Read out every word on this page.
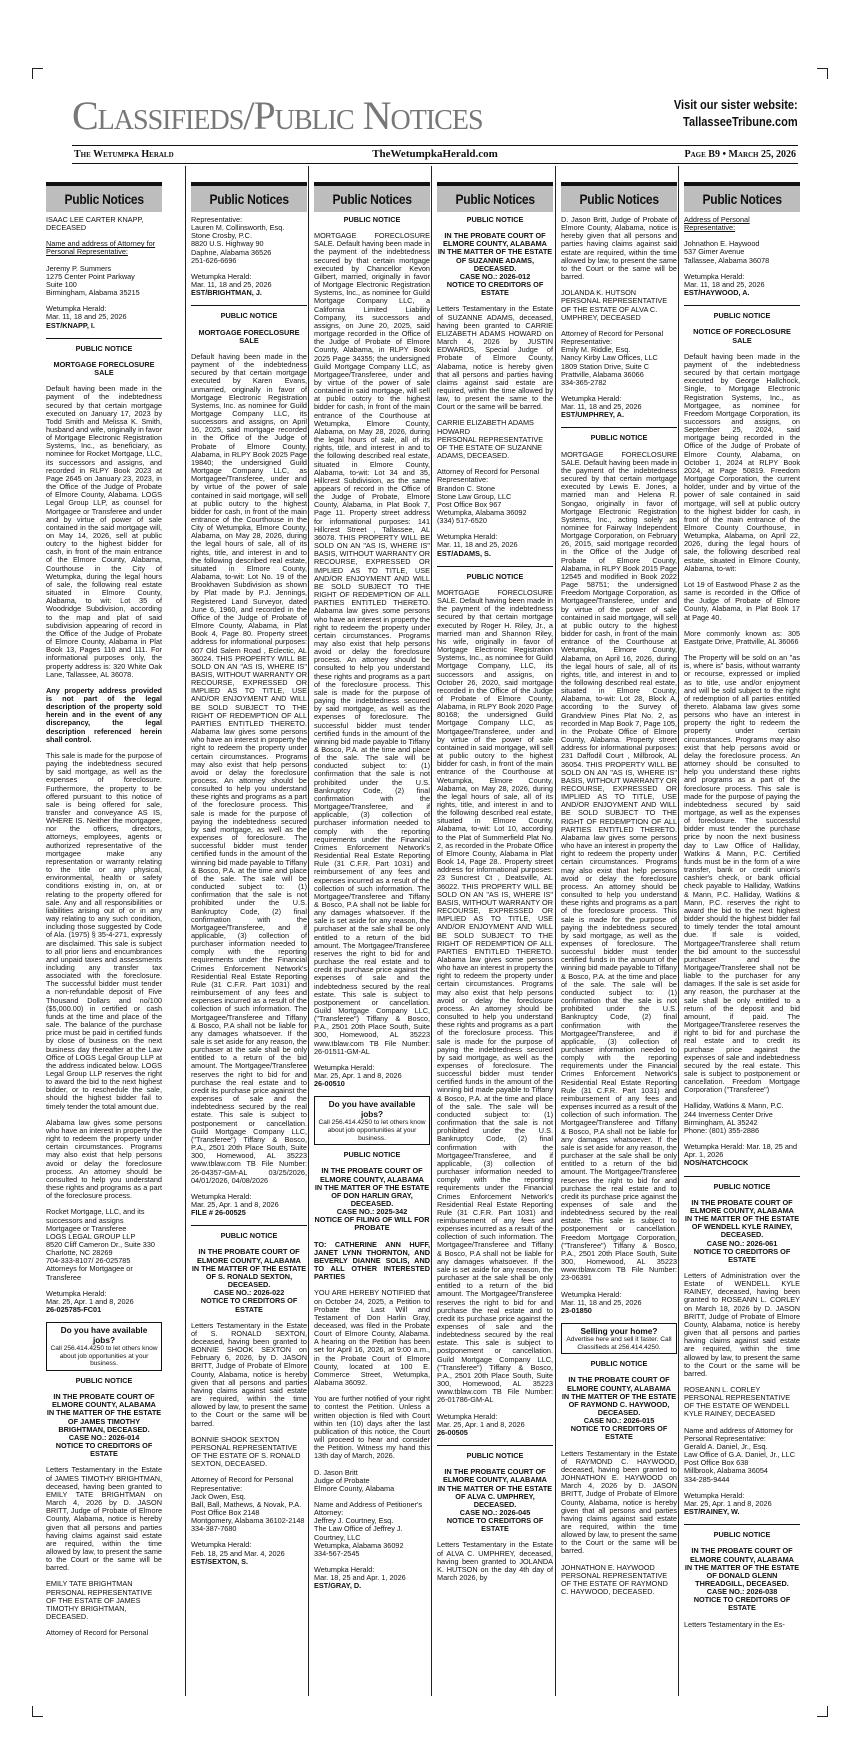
Classifieds/Public Notices	Visit our sister website:
TallasseeTribune.com
TheWetumpkaHerald.com
The Wetumpka Herald	Page B9 • March 25, 2026
Public Notices

ISAAC LEE CARTER KNAPP,
DECEASED

Name and address of Attorney for Personal Representative:

Jeremy P. Summers
1275 Center Point Parkway
Suite 100
Birmingham, Alabama 35215

Wetumpka Herald:
Mar. 11, 18 and 25, 2026

EST/KNAPP, I.

PUBLIC NOTICE

MORTGAGE FORECLOSURE SALE

Default having been made in the payment of the indebtedness secured by that certain mortgage executed on January 17, 2023 by Todd Smith and Melissa K. Smith, husband and wife, originally in favor of Mortgage Electronic Registration Systems, Inc., as beneficiary, as nominee for Rocket Mortgage, LLC, its successors and assigns, and recorded in RLPY Book 2023 at Page 2645 on January 23, 2023, in the Office of the Judge of Probate of Elmore County, Alabama. LOGS Legal Group LLP, as counsel for Mortgagee or Transferee and under and by virtue of power of sale contained in the said mortgage will, on May 14, 2026, sell at public outcry to the highest bidder for cash, in front of the main entrance of the Elmore County, Alabama, Courthouse in the City of Wetumpka, during the legal hours of sale, the following real estate situated in Elmore County, Alabama, to wit: Lot 35 of Woodridge Subdivision, according to the map and plat of said subdivision appearing of record in the Office of the Judge of Probate of Elmore County, Alabama in Plat Book 13, Pages 110 and 111. For informational purposes only, the property address is: 320 White Oak Lane, Tallassee, AL 36078.

Any property address provided is not part of the legal description of the property sold herein and in the event of any discrepancy, the legal description referenced herein shall control.

This sale is made for the purpose of paying the indebtedness secured by said mortgage, as well as the expenses of foreclosure. Furthermore, the property to be offered pursuant to this notice of sale is being offered for sale, transfer and conveyance AS IS, WHERE IS. Neither the mortgagee, nor the officers, directors, attorneys, employees, agents or authorized representative of the mortgagee make any representation or warranty relating to the title or any physical, environmental, health or safety conditions existing in, on, at or relating to the property offered for sale. Any and all responsibilities or liabilities arising out of or in any way relating to any such condition, including those suggested by Code of Ala. (1975) § 35-4-271, expressly are disclaimed. This sale is subject to all prior liens and encumbrances and unpaid taxes and assessments including any transfer tax associated with the foreclosure. The successful bidder must tender a non-refundable deposit of Five Thousand Dollars and no/100 ($5,000.00) in certified or cash funds at the time and place of the sale. The balance of the purchase price must be paid in certified funds by close of business on the next business day thereafter at the Law Office of LOGS Legal Group LLP at the address indicated below. LOGS Legal Group LLP reserves the right to award the bid to the next highest bidder, or to reschedule the sale, should the highest bidder fail to timely tender the total amount due.

Alabama law gives some persons who have an interest in property the right to redeem the property under certain circumstances. Programs may also exist that help persons avoid or delay the foreclosure process. An attorney should be consulted to help you understand these rights and programs as a part of the foreclosure process.

Rocket Mortgage, LLC, and its successors and assigns
Mortgagee or Transferee
LOGS LEGAL GROUP LLP
8520 Cliff Cameron Dr., Suite 330
Charlotte, NC 28269
704-333-8107/ 26-025785
Attorneys for Mortgagee or Transferee

Wetumpka Herald:
Mar. 25, Apr. 1 and 8, 2026

26-025785-FC01

Do you have available jobs?
Call 256.414.4250 to let others know about job opportunities at your business.

PUBLIC NOTICE

IN THE PROBATE COURT OF ELMORE COUNTY, ALABAMA
IN THE MATTER OF THE ESTATE OF JAMES TIMOTHY BRIGHTMAN, DECEASED.
CASE NO.: 2026-014
NOTICE TO CREDITORS OF ESTATE

Letters Testamentary in the Estate of JAMES TIMOTHY BRIGHTMAN, deceased, having been granted to EMILY TATE BRIGHTMAN on March 4, 2026 by D. JASON BRITT, Judge of Probate of Elmore County, Alabama, notice is hereby given that all persons and parties having claims against said estate are required, within the time allowed by law, to present the same to the Court or the same will be barred.

EMILY TATE BRIGHTMAN
PERSONAL REPRESENTATIVE OF THE ESTATE OF JAMES TIMOTHY BRIGHTMAN, DECEASED.

Attorney of Record for Personal

Public Notices

Representative:
Lauren M. Collinsworth, Esq.
Stone Crosby, P.C.
8820 U.S. Highway 90
Daphne, Alabama 36526
251-626-6696

Wetumpka Herald:
Mar. 11, 18 and 25, 2026

EST/BRIGHTMAN, J.

PUBLIC NOTICE

MORTGAGE FORECLOSURE SALE

Default having been made in the payment of the indebtedness secured by that certain mortgage executed by Karen Evans, unmarried, originally in favor of Mortgage Electronic Registration Systems, Inc. as nominee for Guild Mortgage Company LLC, its successors and assigns, on April 16, 2025, said mortgage recorded in the Office of the Judge of Probate of Elmore County, Alabama, in RLPY Book 2025 Page 19840; the undersigned Guild Mortgage Company LLC, as Mortgagee/Transferee, under and by virtue of the power of sale contained in said mortgage, will sell at public outcry to the highest bidder for cash, in front of the main entrance of the Courthouse in the City of Wetumpka, Elmore County, Alabama, on May 28, 2026, during the legal hours of sale, all of its rights, title, and interest in and to the following described real estate, situated in Elmore County, Alabama, to-wit: Lot No. 19 of the Brookhaven Subdivision as shown by Plat made by P.J. Jennings, Registered Land Surveyor, dated June 6, 1960, and recorded in the Office of the Judge of Probate of Elmore County, Alabama, in Plat Book 4, Page 80. Property street address for informational purposes: 607 Old Salem Road , Eclectic, AL 36024. THIS PROPERTY WILL BE SOLD ON AN "AS IS, WHERE IS" BASIS, WITHOUT WARRANTY OR RECOURSE, EXPRESSED OR IMPLIED AS TO TITLE, USE AND/OR ENJOYMENT AND WILL BE SOLD SUBJECT TO THE RIGHT OF REDEMPTION OF ALL PARTIES ENTITLED THERETO. Alabama law gives some persons who have an interest in property the right to redeem the property under certain circumstances. Programs may also exist that help persons avoid or delay the foreclosure process. An attorney should be consulted to help you understand these rights and programs as a part of the foreclosure process. This sale is made for the purpose of paying the indebtedness secured by said mortgage, as well as the expenses of foreclosure. The successful bidder must tender certified funds in the amount of the winning bid made payable to Tiffany & Bosco, P.A. at the time and place of the sale. The sale will be conducted subject to: (1) confirmation that the sale is not prohibited under the U.S. Bankruptcy Code, (2) final confirmation with the Mortgagee/Transferee, and if applicable, (3) collection of purchaser information needed to comply with the reporting requirements under the Financial Crimes Enforcement Network's Residential Real Estate Reporting Rule (31 C.F.R. Part 1031) and reimbursement of any fees and expenses incurred as a result of the collection of such information. The Mortgagee/Transferee and Tiffany & Bosco, P.A shall not be liable for any damages whatsoever. If the sale is set aside for any reason, the purchaser at the sale shall be only entitled to a return of the bid amount. The Mortgagee/Transferee reserves the right to bid for and purchase the real estate and to credit its purchase price against the expenses of sale and the indebtedness secured by the real estate. This sale is subject to postponement or cancellation. Guild Mortgage Company LLC, ("Transferee") Tiffany & Bosco, P.A., 2501 20th Place South, Suite 300, Homewood, AL 35223 www.tblaw.com TB File Number: 26-04357-GM-AL 03/25/2026, 04/01/2026, 04/08/2026

Wetumpka Herald:
Mar. 25, Apr. 1 and 8, 2026

FILE # 26-00525

PUBLIC NOTICE

IN THE PROBATE COURT OF ELMORE COUNTY, ALABAMA
IN THE MATTER OF THE ESTATE OF S. RONALD SEXTON, DECEASED.
CASE NO.: 2026-022
NOTICE TO CREDITORS OF ESTATE

Letters Testamentary in the Estate of S. RONALD SEXTON, deceased, having been granted to BONNIE SHOOK SEXTON on February 6, 2026, by D. JASON BRITT, Judge of Probate of Elmore County, Alabama, notice is hereby given that all persons and parties having claims against said estate are required, within the time allowed by law, to present the same to the Court or the same will be barred.

BONNIE SHOOK SEXTON
PERSONAL REPRESENTATIVE OF THE ESTATE OF S. RONALD SEXTON, DECEASED.

Attorney of Record for Personal Representative:
Jack Owen, Esq.
Ball, Ball, Mathews, & Novak, P.A.
Post Office Box 2148
Montgomery, Alabama 36102-2148
334-387-7680

Wetumpka Herald:
Feb. 18, 25 and Mar. 4, 2026

EST/SEXTON, S.

Public Notices

PUBLIC NOTICE

MORTGAGE FORECLOSURE SALE. Default having been made in the payment of the indebtedness secured by that certain mortgage executed by Chancellor Kevon Gilbert, married, originally in favor of Mortgage Electronic Registration Systems, Inc., as nominee for Guild Mortgage Company LLC, a California Limited Liability Company, its successors and assigns, on June 20, 2025, said mortgage recorded in the Office of the Judge of Probate of Elmore County, Alabama, in RLPY Book 2025 Page 34355; the undersigned Guild Mortgage Company LLC, as Mortgagee/Transferee, under and by virtue of the power of sale contained in said mortgage, will sell at public outcry to the highest bidder for cash, in front of the main entrance of the Courthouse at Wetumpka, Elmore County, Alabama, on May 28, 2026, during the legal hours of sale, all of its rights, title, and interest in and to the following described real estate, situated in Elmore County, Alabama, to-wit: Lot 34 and 35, Hillcrest Subdivision, as the same appears of record in the Office of the Judge of Probate, Elmore County, Alabama, in Plat Book 7, Page 11. Property street address for informational purposes: 141 Hillcrest Street , Tallassee, AL 36078. THIS PROPERTY WILL BE SOLD ON AN "AS IS, WHERE IS" BASIS, WITHOUT WARRANTY OR RECOURSE, EXPRESSED OR IMPLIED AS TO TITLE, USE AND/OR ENJOYMENT AND WILL BE SOLD SUBJECT TO THE RIGHT OF REDEMPTION OF ALL PARTIES ENTITLED THERETO. Alabama law gives some persons who have an interest in property the right to redeem the property under certain circumstances. Programs may also exist that help persons avoid or delay the foreclosure process. An attorney should be consulted to help you understand these rights and programs as a part of the foreclosure process. This sale is made for the purpose of paying the indebtedness secured by said mortgage, as well as the expenses of foreclosure. The successful bidder must tender certified funds in the amount of the winning bid made payable to Tiffany & Bosco, P.A. at the time and place of the sale. The sale will be conducted subject to: (1) confirmation that the sale is not prohibited under the U.S. Bankruptcy Code, (2) final confirmation with the Mortgagee/Transferee, and if applicable, (3) collection of purchaser information needed to comply with the reporting requirements under the Financial Crimes Enforcement Network's Residential Real Estate Reporting Rule (31 C.F.R. Part 1031) and reimbursement of any fees and expenses incurred as a result of the collection of such information. The Mortgagee/Transferee and Tiffany & Bosco, P.A shall not be liable for any damages whatsoever. If the sale is set aside for any reason, the purchaser at the sale shall be only entitled to a return of the bid amount. The Mortgagee/Transferee reserves the right to bid for and purchase the real estate and to credit its purchase price against the expenses of sale and the indebtedness secured by the real estate. This sale is subject to postponement or cancellation. Guild Mortgage Company LLC, ("Transferee") Tiffany & Bosco, P.A., 2501 20th Place South, Suite 300, Homewood, AL 35223 www.tblaw.com TB File Number: 26-01511-GM-AL

Wetumpka Herald:
Mar. 25, Apr. 1 and 8, 2026

26-00510

Do you have available jobs?
Call 256.414.4250 to let others know about job opportunities at your business.

PUBLIC NOTICE

IN THE PROBATE COURT OF ELMORE COUNTY, ALABAMA
IN THE MATTER OF THE ESTATE OF DON HARLIN GRAY, DECEASED.
CASE NO.: 2025-342
NOTICE OF FILING OF WILL FOR PROBATE

TO: CATHERINE ANN HUFF, JANET LYNN THORNTON, AND BEVERLY DIANNE SOLIS, AND TO ALL OTHER INTERESTED PARTIES

YOU ARE HEREBY NOTIFIED that on October 24, 2025, a Petition to Probate the Last Will and Testament of Don Harlin Gray, deceased, was filed in the Probate Court of Elmore County, Alabama. A hearing on the Petition has been set for April 16, 2026, at 9:00 a.m., in the Probate Court of Elmore County, located at 100 E. Commerce Street, Wetumpka, Alabama 36092.

You are further notified of your right to contest the Petition. Unless a written objection is filed with Court within ten (10) days after the last publication of this notice, the Court will proceed to hear and consider the Petition. Witness my hand this 13th day of March, 2026.

D. Jason Britt
Judge of Probate
Elmore County, Alabama

Name and Address of Petitioner's Attorney:
Jeffrey J. Courtney, Esq.
The Law Office of Jeffrey J. Courtney, LLC
Wetumpka, Alabama 36092
334-567-2545

Wetumpka Herald:
Mar. 18, 25 and Apr. 1, 2026

EST/GRAY, D.

Public Notices

PUBLIC NOTICE

IN THE PROBATE COURT OF ELMORE COUNTY, ALABAMA
IN THE MATTER OF THE ESTATE OF SUZANNE ADAMS, DECEASED.
CASE NO.: 2026-012
NOTICE TO CREDITORS OF ESTATE

Letters Testamentary in the Estate of SUZANNE ADAMS, deceased, having been granted to CARRIE ELIZABETH ADAMS HOWARD on March 4, 2026 by JUSTIN EDWARDS, Special Judge of Probate of Elmore County, Alabama, notice is hereby given that all persons and parties having claims against said estate are required, within the time allowed by law, to present the same to the Court or the same will be barred.

CARRIE ELIZABETH ADAMS HOWARD
PERSONAL REPRESENTATIVE OF THE ESTATE OF SUZANNE ADAMS, DECEASED.

Attorney of Record for Personal Representative:
Brandon C. Stone
Stone Law Group, LLC
Post Office Box 967
Wetumpka, Alabama 36092
(334) 517-6520

Wetumpka Herald:
Mar. 11, 18 and 25, 2026

EST/ADAMS, S.

PUBLIC NOTICE

MORTGAGE FORECLOSURE SALE. Default having been made in the payment of the indebtedness secured by that certain mortgage executed by Roger H. Riley, Jr., a married man and Shannon Riley, his wife, originally in favor of Mortgage Electronic Registration Systems, Inc., as nominee for Guild Mortgage Company, LLC, its successors and assigns, on October 26, 2020, said mortgage recorded in the Office of the Judge of Probate of Elmore County, Alabama, in RLPY Book 2020 Page 80168; the undersigned Guild Mortgage Company LLC, as Mortgagee/Transferee, under and by virtue of the power of sale contained in said mortgage, will sell at public outcry to the highest bidder for cash, in front of the main entrance of the Courthouse at Wetumpka, Elmore County, Alabama, on May 28, 2026, during the legal hours of sale, all of its rights, title, and interest in and to the following described real estate, situated in Elmore County, Alabama, to-wit: Lot 10, according to the Plat of Summerfield Plat No. 2, as recorded in the Probate Office of Elmore County, Alabama in Plat Book 14, Page 28.. Property street address for informational purposes: 23 Suncrest Ct , Deatsville, AL 36022. THIS PROPERTY WILL BE SOLD ON AN "AS IS, WHERE IS" BASIS, WITHOUT WARRANTY OR RECOURSE, EXPRESSED OR IMPLIED AS TO TITLE, USE AND/OR ENJOYMENT AND WILL BE SOLD SUBJECT TO THE RIGHT OF REDEMPTION OF ALL PARTIES ENTITLED THERETO. Alabama law gives some persons who have an interest in property the right to redeem the property under certain circumstances. Programs may also exist that help persons avoid or delay the foreclosure process. An attorney should be consulted to help you understand these rights and programs as a part of the foreclosure process. This sale is made for the purpose of paying the indebtedness secured by said mortgage, as well as the expenses of foreclosure. The successful bidder must tender certified funds in the amount of the winning bid made payable to Tiffany & Bosco, P.A. at the time and place of the sale. The sale will be conducted subject to: (1) confirmation that the sale is not prohibited under the U.S. Bankruptcy Code, (2) final confirmation with the Mortgagee/Transferee, and if applicable, (3) collection of purchaser information needed to comply with the reporting requirements under the Financial Crimes Enforcement Network's Residential Real Estate Reporting Rule (31 C.F.R. Part 1031) and reimbursement of any fees and expenses incurred as a result of the collection of such information. The Mortgagee/Transferee and Tiffany & Bosco, P.A shall not be liable for any damages whatsoever. If the sale is set aside for any reason, the purchaser at the sale shall be only entitled to a return of the bid amount. The Mortgagee/Transferee reserves the right to bid for and purchase the real estate and to credit its purchase price against the expenses of sale and the indebtedness secured by the real estate. This sale is subject to postponement or cancellation. Guild Mortgage Company LLC, ("Transferee") Tiffany & Bosco, P.A., 2501 20th Place South, Suite 300, Homewood, AL 35223 www.tblaw.com TB File Number: 26-01786-GM-AL

Wetumpka Herald:
Mar. 25, Apr. 1 and 8, 2026

26-00505

PUBLIC NOTICE

IN THE PROBATE COURT OF ELMORE COUNTY, ALABAMA
IN THE MATTER OF THE ESTATE OF ALVA C. UMPHREY, DECEASED.
CASE NO.: 2026-045
NOTICE TO CREDITORS OF ESTATE

Letters Testamentary in the Estate of ALVA C. UMPHREY, deceased, having been granted to JOLANDA K. HUTSON on the day 4th day of March 2026, by

Public Notices

D. Jason Britt, Judge of Probate of Elmore County, Alabama, notice is hereby given that all persons and parties having claims against said estate are required, within the time allowed by law, to present the same to the Court or the same will be barred.

JOLANDA K. HUTSON
PERSONAL REPRESENTATIVE OF THE ESTATE OF ALVA C. UMPHREY, DECEASED

Attorney of Record for Personal Representative:
Emily M. Riddle, Esq.
Nancy Kirby Law Offices, LLC
1809 Station Drive, Suite C
Prattville, Alabama 36066
334-365-2782

Wetumpka Herald:
Mar. 11, 18 and 25, 2026

EST/UMPHREY, A.

PUBLIC NOTICE

MORTGAGE FORECLOSURE SALE. Default having been made in the payment of the indebtedness secured by that certain mortgage executed by Lewis E. Jones, a married man and Helena R. Songao, originally in favor of Mortgage Electronic Registration Systems, Inc., acting solely as nominee for Fairway Independent Mortgage Corporation, on February 26, 2015, said mortgage recorded in the Office of the Judge of Probate of Elmore County, Alabama, in RLPY Book 2015 Page 12545 and modified in Book 2022 Page 58751; the undersigned Freedom Mortgage Corporation, as Mortgagee/Transferee, under and by virtue of the power of sale contained in said mortgage, will sell at public outcry to the highest bidder for cash, in front of the main entrance of the Courthouse at Wetumpka, Elmore County, Alabama, on April 16, 2026, during the legal hours of sale, all of its rights, title, and interest in and to the following described real estate, situated in Elmore County, Alabama, to-wit: Lot 28, Block A, according to the Survey of Grandview Pines Plat No. 2, as recorded in Map Book 7, Page 105, in the Probate Office of Elmore County, Alabama. Property street address for informational purposes: 231 Daffodil Court , Millbrook, AL 36054. THIS PROPERTY WILL BE SOLD ON AN "AS IS, WHERE IS" BASIS, WITHOUT WARRANTY OR RECOURSE, EXPRESSED OR IMPLIED AS TO TITLE, USE AND/OR ENJOYMENT AND WILL BE SOLD SUBJECT TO THE RIGHT OF REDEMPTION OF ALL PARTIES ENTITLED THERETO. Alabama law gives some persons who have an interest in property the right to redeem the property under certain circumstances. Programs may also exist that help persons avoid or delay the foreclosure process. An attorney should be consulted to help you understand these rights and programs as a part of the foreclosure process. This sale is made for the purpose of paying the indebtedness secured by said mortgage, as well as the expenses of foreclosure. The successful bidder must tender certified funds in the amount of the winning bid made payable to Tiffany & Bosco, P.A. at the time and place of the sale. The sale will be conducted subject to: (1) confirmation that the sale is not prohibited under the U.S. Bankruptcy Code, (2) final confirmation with the Mortgagee/Transferee, and if applicable, (3) collection of purchaser information needed to comply with the reporting requirements under the Financial Crimes Enforcement Network's Residential Real Estate Reporting Rule (31 C.F.R. Part 1031) and reimbursement of any fees and expenses incurred as a result of the collection of such information. The Mortgagee/Transferee and Tiffany & Bosco, P.A shall not be liable for any damages whatsoever. If the sale is set aside for any reason, the purchaser at the sale shall be only entitled to a return of the bid amount. The Mortgagee/Transferee reserves the right to bid for and purchase the real estate and to credit its purchase price against the expenses of sale and the indebtedness secured by the real estate. This sale is subject to postponement or cancellation. Freedom Mortgage Corporation, ("Transferee") Tiffany & Bosco, P.A., 2501 20th Place South, Suite 300, Homewood, AL 35223 www.tblaw.com TB File Number: 23-06391

Wetumpka Herald:
Mar. 11, 18 and 25, 2026

23-01850

Selling your home?
Advertise here and sell it faster. Call Classifieds at 256.414.4250.

PUBLIC NOTICE

IN THE PROBATE COURT OF ELMORE COUNTY, ALABAMA
IN THE MATTER OF THE ESTATE OF RAYMOND C. HAYWOOD, DECEASED.
CASE NO.: 2026-015
NOTICE TO CREDITORS OF ESTATE

Letters Testamentary in the Estate of RAYMOND C. HAYWOOD, deceased, having been granted to JOHNATHON E. HAYWOOD on March 4, 2026 by D. JASON BRITT, Judge of Probate of Elmore County, Alabama, notice is hereby given that all persons and parties having claims against said estate are required, within the time allowed by law, to present the same to the Court or the same will be barred.

JOHNATHON E. HAYWOOD
PERSONAL REPRESENTATIVE OF THE ESTATE OF RAYMOND C. HAYWOOD, DECEASED.

Public Notices

Address of Personal Representative:

Johnathon E. Haywood
537 Gimer Avenue
Tallassee, Alabama 36078

Wetumpka Herald:
Mar. 11, 18 and 25, 2026

EST/HAYWOOD, A.

PUBLIC NOTICE

NOTICE OF FORECLOSURE SALE

Default having been made in the payment of the indebtedness secured by that certain mortgage executed by George Hallchock, Single, to Mortgage Electronic Registration Systems, Inc., as Mortgagee, as nominee for Freedom Mortgage Corporation, its successors and assigns, on September 25, 2024, said mortgage being recorded in the Office of the Judge of Probate of Elmore County, Alabama, on October 1, 2024 at RLPY Book 2024, at Page 50819. Freedom Mortgage Corporation, the current holder, under and by virtue of the power of sale contained in said mortgage, will sell at public outcry to the highest bidder for cash, in front of the main entrance of the Elmore County Courthouse, in Wetumpka, Alabama, on April 22, 2026, during the legal hours of sale, the following described real estate, situated in Elmore County, Alabama, to-wit:

Lot 19 of Eastwood Phase 2 as the same is recorded in the Office of the Judge of Probate of Elmore County, Alabama, in Plat Book 17 at Page 40.

More commonly known as: 305 Eastgate Drive, Prattville, AL 36066

The Property will be sold on an "as is, where is" basis, without warranty or recourse, expressed or implied as to title, use and/or enjoyment and will be sold subject to the right of redemption of all parties entitled thereto. Alabama law gives some persons who have an interest in property the right to redeem the property under certain circumstances. Programs may also exist that help persons avoid or delay the foreclosure process. An attorney should be consulted to help you understand these rights and programs as a part of the foreclosure process. This sale is made for the purpose of paying the indebtedness secured by said mortgage, as well as the expenses of foreclosure. The successful bidder must tender the purchase price by noon the next business day to Law Office of Halliday, Watkins & Mann, P.C. Certified funds must be in the form of a wire transfer, bank or credit union's cashier's check, or bank official check payable to Halliday, Watkins & Mann, P.C. Halliday, Watkins & Mann, P.C. reserves the right to award the bid to the next highest bidder should the highest bidder fail to timely tender the total amount due. If sale is voided, Mortgagee/Transferee shall return the bid amount to the successful purchaser and the Mortgagee/Transferee shall not be liable to the purchaser for any damages. If the sale is set aside for any reason, the purchaser at the sale shall be only entitled to a return of the deposit and bid amount, if paid. The Mortgagee/Transferee reserves the right to bid for and purchase the real estate and to credit its purchase price against the expenses of sale and indebtedness secured by the real estate. This sale is subject to postponement or cancellation. Freedom Mortgage Corporation ("Transferee")

Halliday, Watkins & Mann, P.C.
244 Inverness Center Drive
Birmingham, AL 35242
Phone: (801) 355-2886

Wetumpka Herald: Mar. 18, 25 and Apr. 1, 2026

NOS/HATCHCOCK

PUBLIC NOTICE

IN THE PROBATE COURT OF ELMORE COUNTY, ALABAMA
IN THE MATTER OF THE ESTATE OF WENDELL KYLE RAINEY, DECEASED.
CASE NO.: 2026-061
NOTICE TO CREDITORS OF ESTATE

Letters of Administration over the Estate of WENDELL KYLE RAINEY, deceased, having been granted to ROSEANN L. CORLEY on March 18, 2026 by D. JASON BRITT, Judge of Probate of Elmore County, Alabama, notice is hereby given that all persons and parties having claims against said estate are required, within the time allowed by law, to present the same to the Court or the same will be barred.

ROSEANN L. CORLEY
PERSONAL REPRESENTATIVE OF THE ESTATE OF WENDELL KYLE RAINEY, DECEASED

Name and address of Attorney for Personal Representative:
Gerald A. Daniel, Jr., Esq.
Law Office of G.A. Daniel, Jr., LLC
Post Office Box 638
Millbrook, Alabama 36054
334-285-9444

Wetumpka Herald:
Mar. 25, Apr. 1 and 8, 2026

EST/RAINEY, W.

PUBLIC NOTICE

IN THE PROBATE COURT OF ELMORE COUNTY, ALABAMA
IN THE MATTER OF THE ESTATE OF DONALD GLENN THREADGILL, DECEASED.
CASE NO.: 2026-038
NOTICE TO CREDITORS OF ESTATE

Letters Testamentary in the Es-
